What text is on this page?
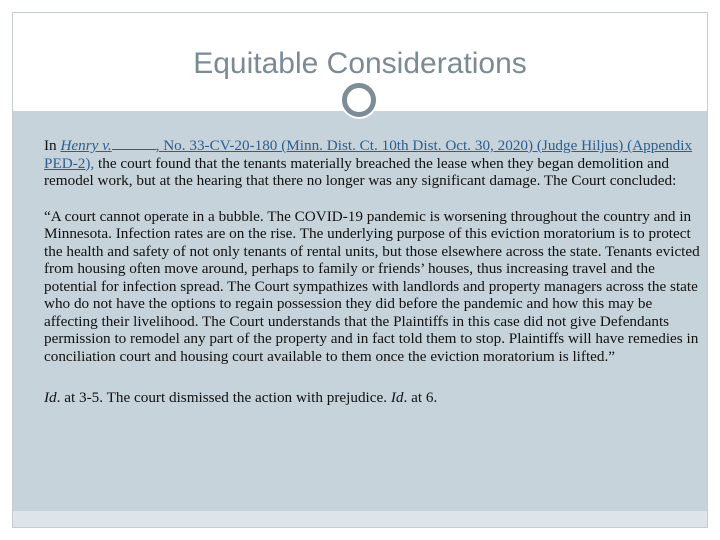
Equitable Considerations

In Henry v.	, No. 33-CV-20-180 (Minn. Dist. Ct. 10th Dist. Oct. 30, 2020) (Judge Hiljus) (Appendix PED-2), the court found that the tenants materially breached the lease when they began demolition and remodel work, but at the hearing that there no longer was any significant damage. The Court concluded:

“A court cannot operate in a bubble. The COVID-19 pandemic is worsening throughout the country and in Minnesota. Infection rates are on the rise. The underlying purpose of this eviction moratorium is to protect the health and safety of not only tenants of rental units, but those elsewhere across the state. Tenants evicted from housing often move around, perhaps to family or friends’ houses, thus increasing travel and the potential for infection spread. The Court sympathizes with landlords and property managers across the state who do not have the options to regain possession they did before the pandemic and how this may be affecting their livelihood. The Court understands that the Plaintiffs in this case did not give Defendants permission to remodel any part of the property and in fact told them to stop. Plaintiffs will have remedies in conciliation court and housing court available to them once the eviction moratorium is lifted.”

Id. at 3-5. The court dismissed the action with prejudice. Id. at 6.
